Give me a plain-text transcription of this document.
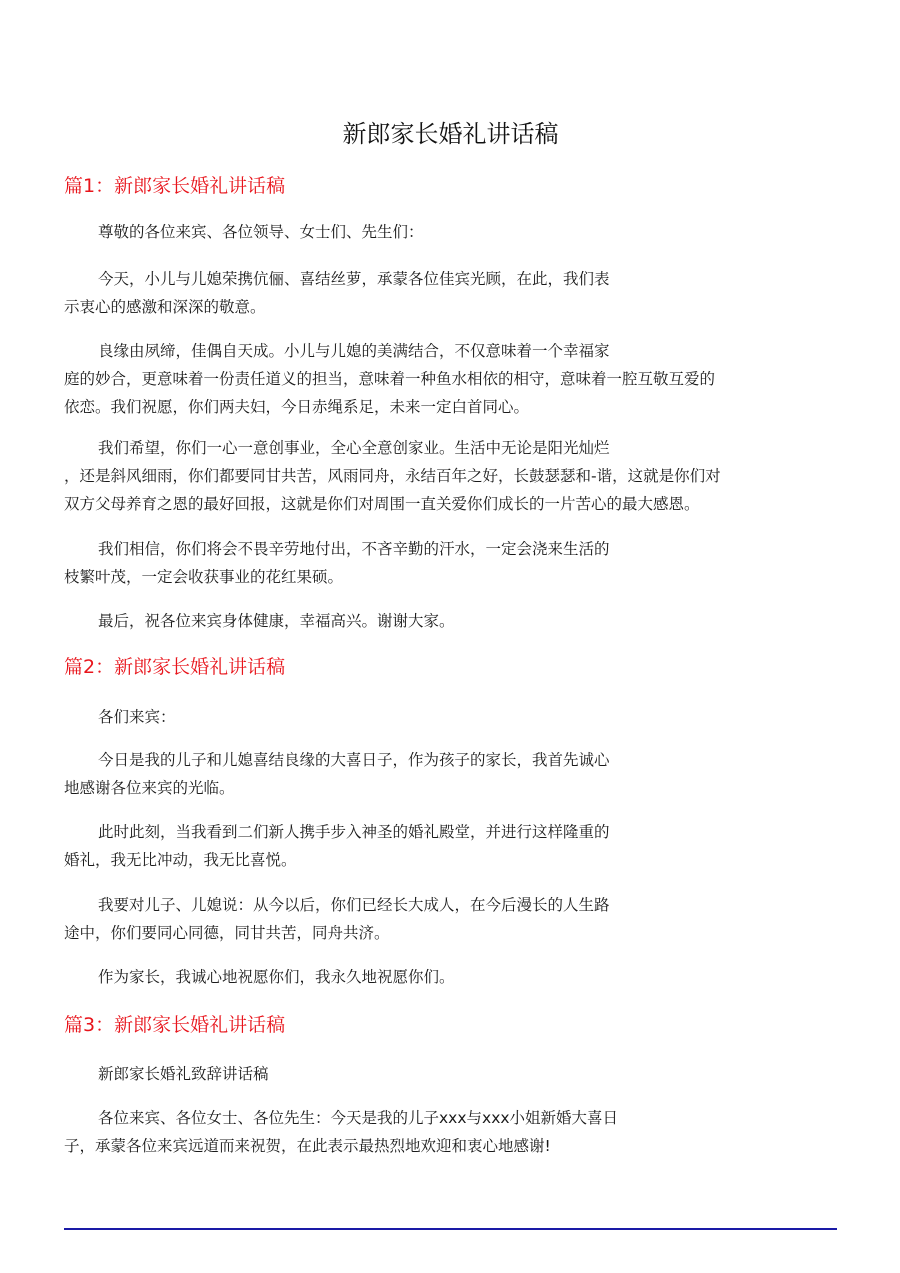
新郎家长婚礼讲话稿
篇1：新郎家长婚礼讲话稿
尊敬的各位来宾、各位领导、女士们、先生们：
今天，小儿与儿媳荣携伉俪、喜结丝萝，承蒙各位佳宾光顾，在此，我们表
示衷心的感激和深深的敬意。
良缘由夙缔，佳偶自天成。小儿与儿媳的美满结合，不仅意味着一个幸福家
庭的妙合，更意味着一份责任道义的担当，意味着一种鱼水相依的相守，意味着一腔互敬互爱的
依恋。我们祝愿，你们两夫妇，今日赤绳系足，未来一定白首同心。
我们希望，你们一心一意创事业，全心全意创家业。生活中无论是阳光灿烂
，还是斜风细雨，你们都要同甘共苦，风雨同舟，永结百年之好，长鼓瑟瑟和-谐，这就是你们对
双方父母养育之恩的最好回报，这就是你们对周围一直关爱你们成长的一片苦心的最大感恩。
我们相信，你们将会不畏辛劳地付出，不吝辛勤的汗水，一定会浇来生活的
枝繁叶茂，一定会收获事业的花红果硕。
最后，祝各位来宾身体健康，幸福高兴。谢谢大家。
篇2：新郎家长婚礼讲话稿
各们来宾：
今日是我的儿子和儿媳喜结良缘的大喜日子，作为孩子的家长，我首先诚心
地感谢各位来宾的光临。
此时此刻，当我看到二们新人携手步入神圣的婚礼殿堂，并进行这样隆重的
婚礼，我无比冲动，我无比喜悦。
我要对儿子、儿媳说：从今以后，你们已经长大成人，在今后漫长的人生路
途中，你们要同心同德，同甘共苦，同舟共济。
作为家长，我诚心地祝愿你们，我永久地祝愿你们。
篇3：新郎家长婚礼讲话稿
新郎家长婚礼致辞讲话稿
各位来宾、各位女士、各位先生：今天是我的儿子xxx与xxx小姐新婚大喜日
子，承蒙各位来宾远道而来祝贺，在此表示最热烈地欢迎和衷心地感谢!
